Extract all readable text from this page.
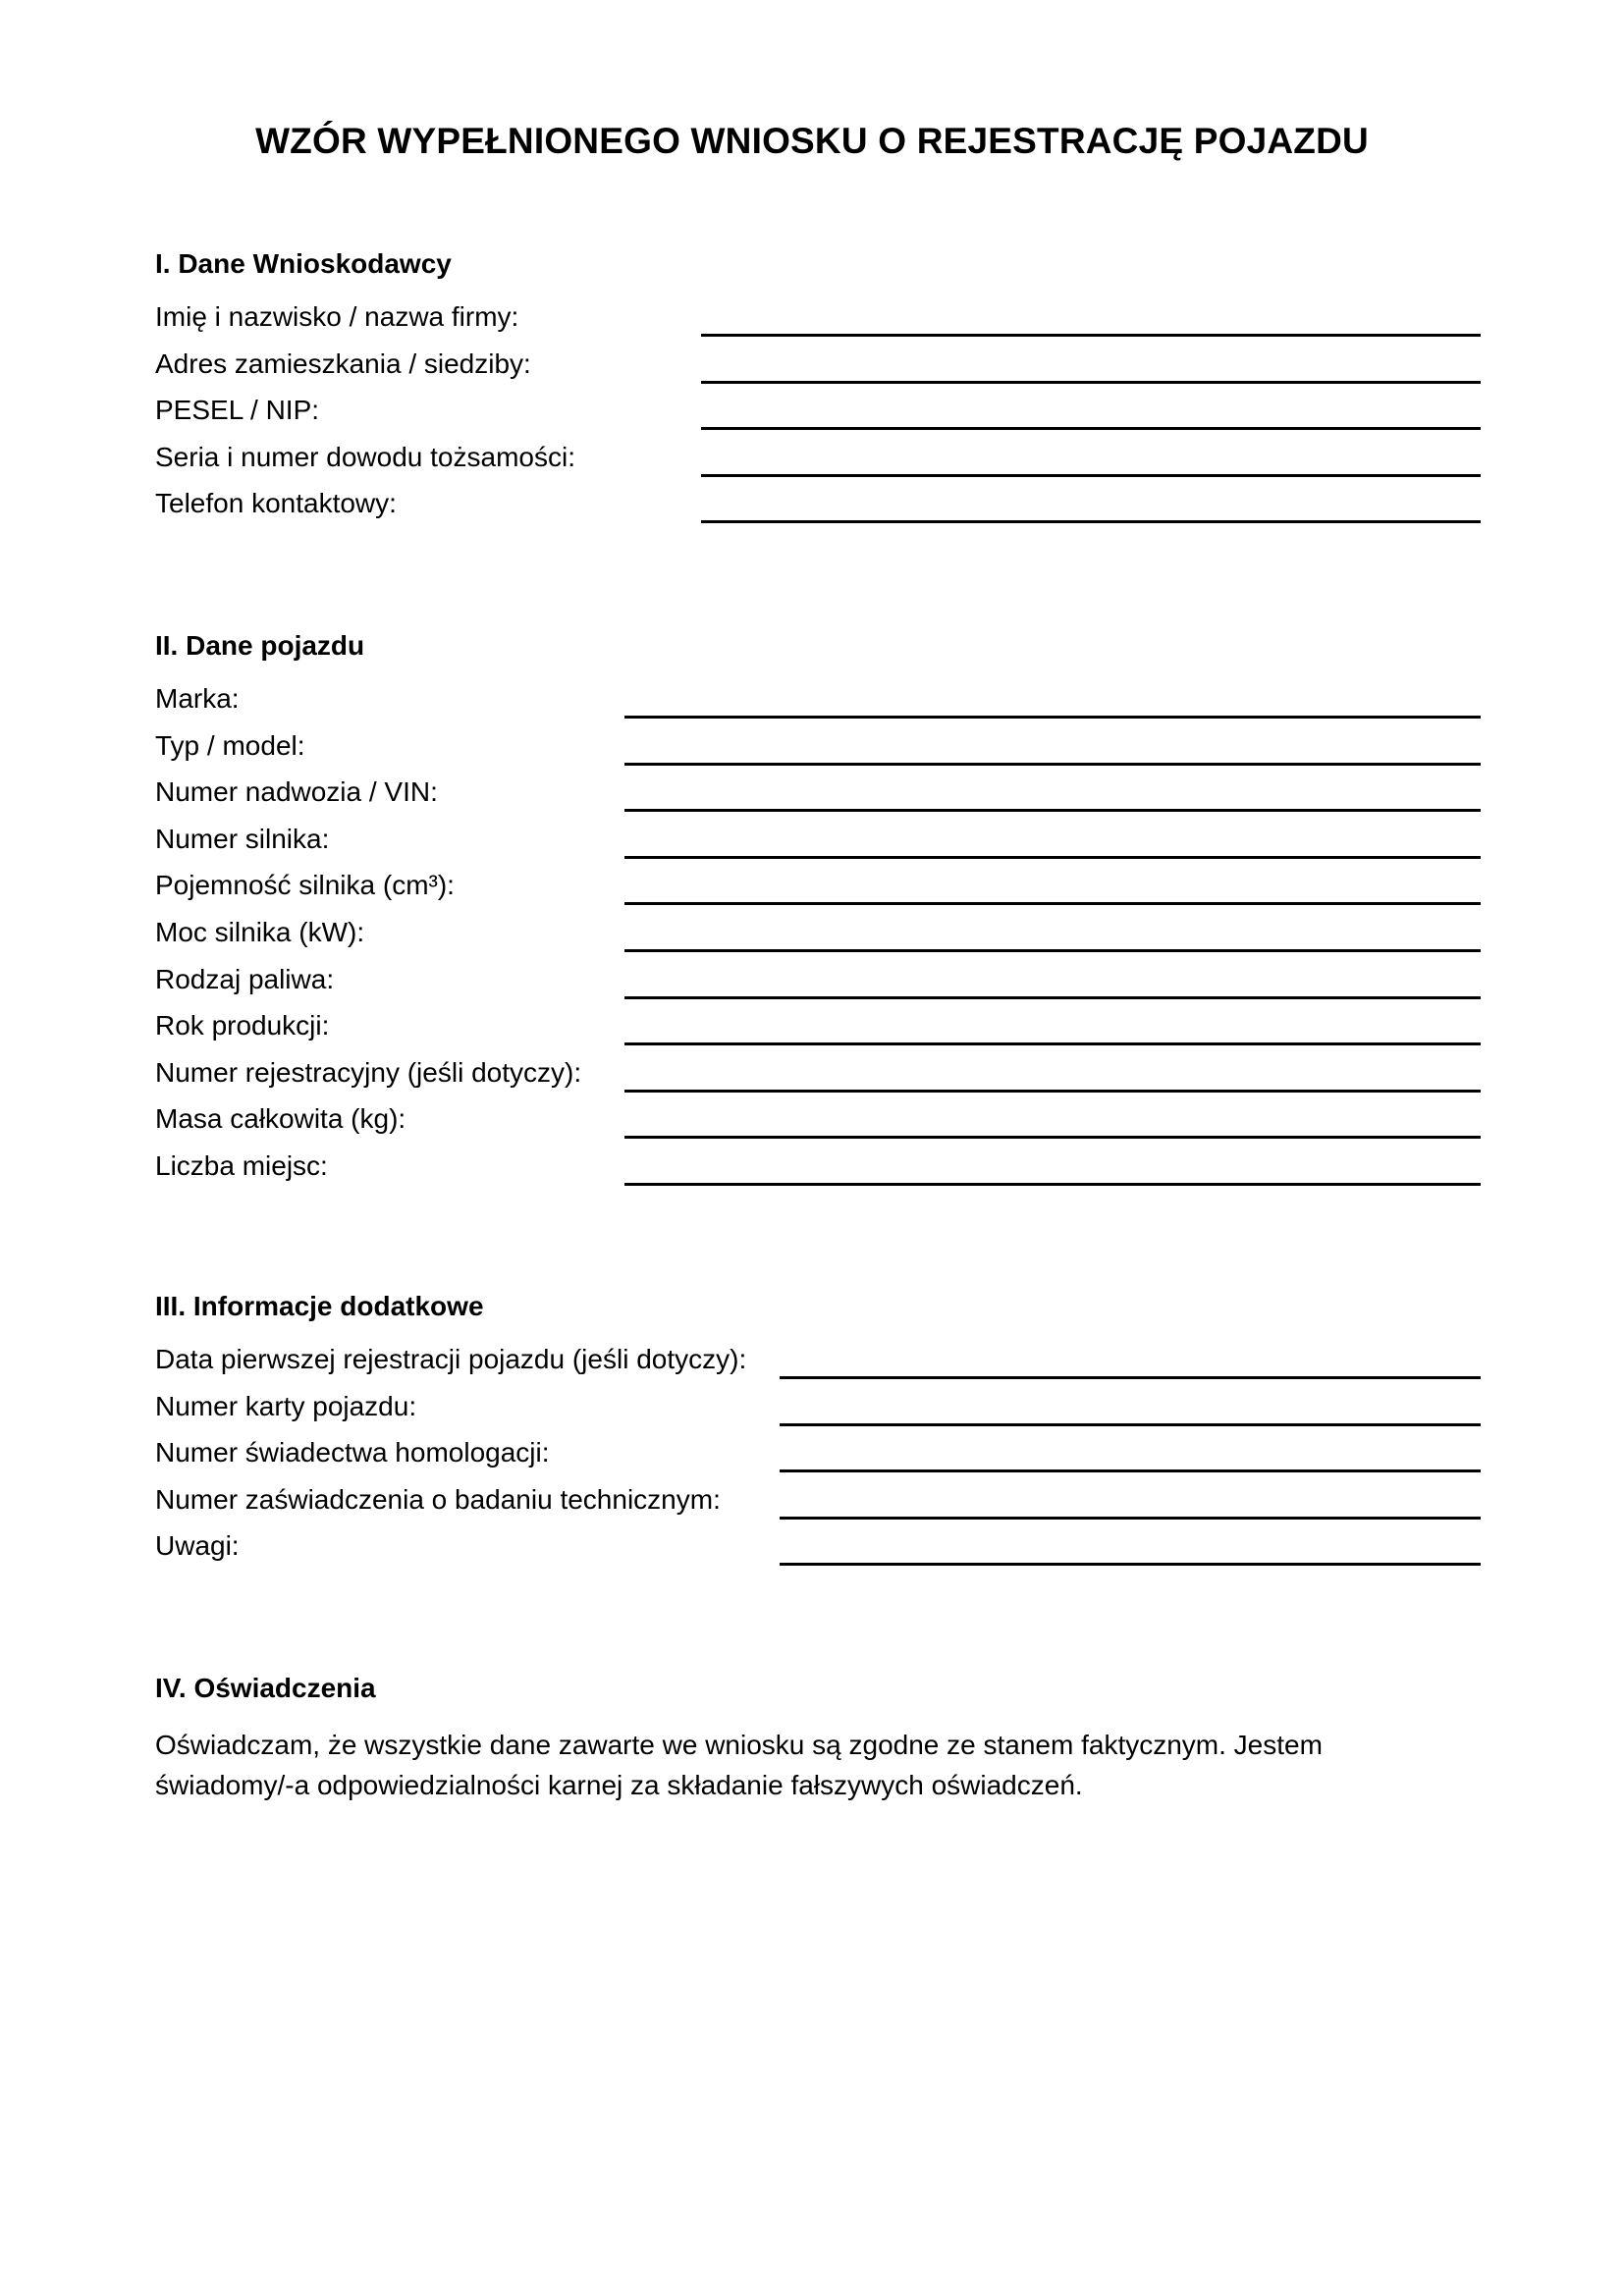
WZÓR WYPEŁNIONEGO WNIOSKU O REJESTRACJĘ POJAZDU
I. Dane Wnioskodawcy
Imię i nazwisko / nazwa firmy:
Adres zamieszkania / siedziby:
PESEL / NIP:
Seria i numer dowodu tożsamości:
Telefon kontaktowy:
II. Dane pojazdu
Marka:
Typ / model:
Numer nadwozia / VIN:
Numer silnika:
Pojemność silnika (cm³):
Moc silnika (kW):
Rodzaj paliwa:
Rok produkcji:
Numer rejestracyjny (jeśli dotyczy):
Masa całkowita (kg):
Liczba miejsc:
III. Informacje dodatkowe
Data pierwszej rejestracji pojazdu (jeśli dotyczy):
Numer karty pojazdu:
Numer świadectwa homologacji:
Numer zaświadczenia o badaniu technicznym:
Uwagi:
IV. Oświadczenia

Oświadczam, że wszystkie dane zawarte we wniosku są zgodne ze stanem faktycznym. Jestem świadomy/-a odpowiedzialności karnej za składanie fałszywych oświadczeń.
